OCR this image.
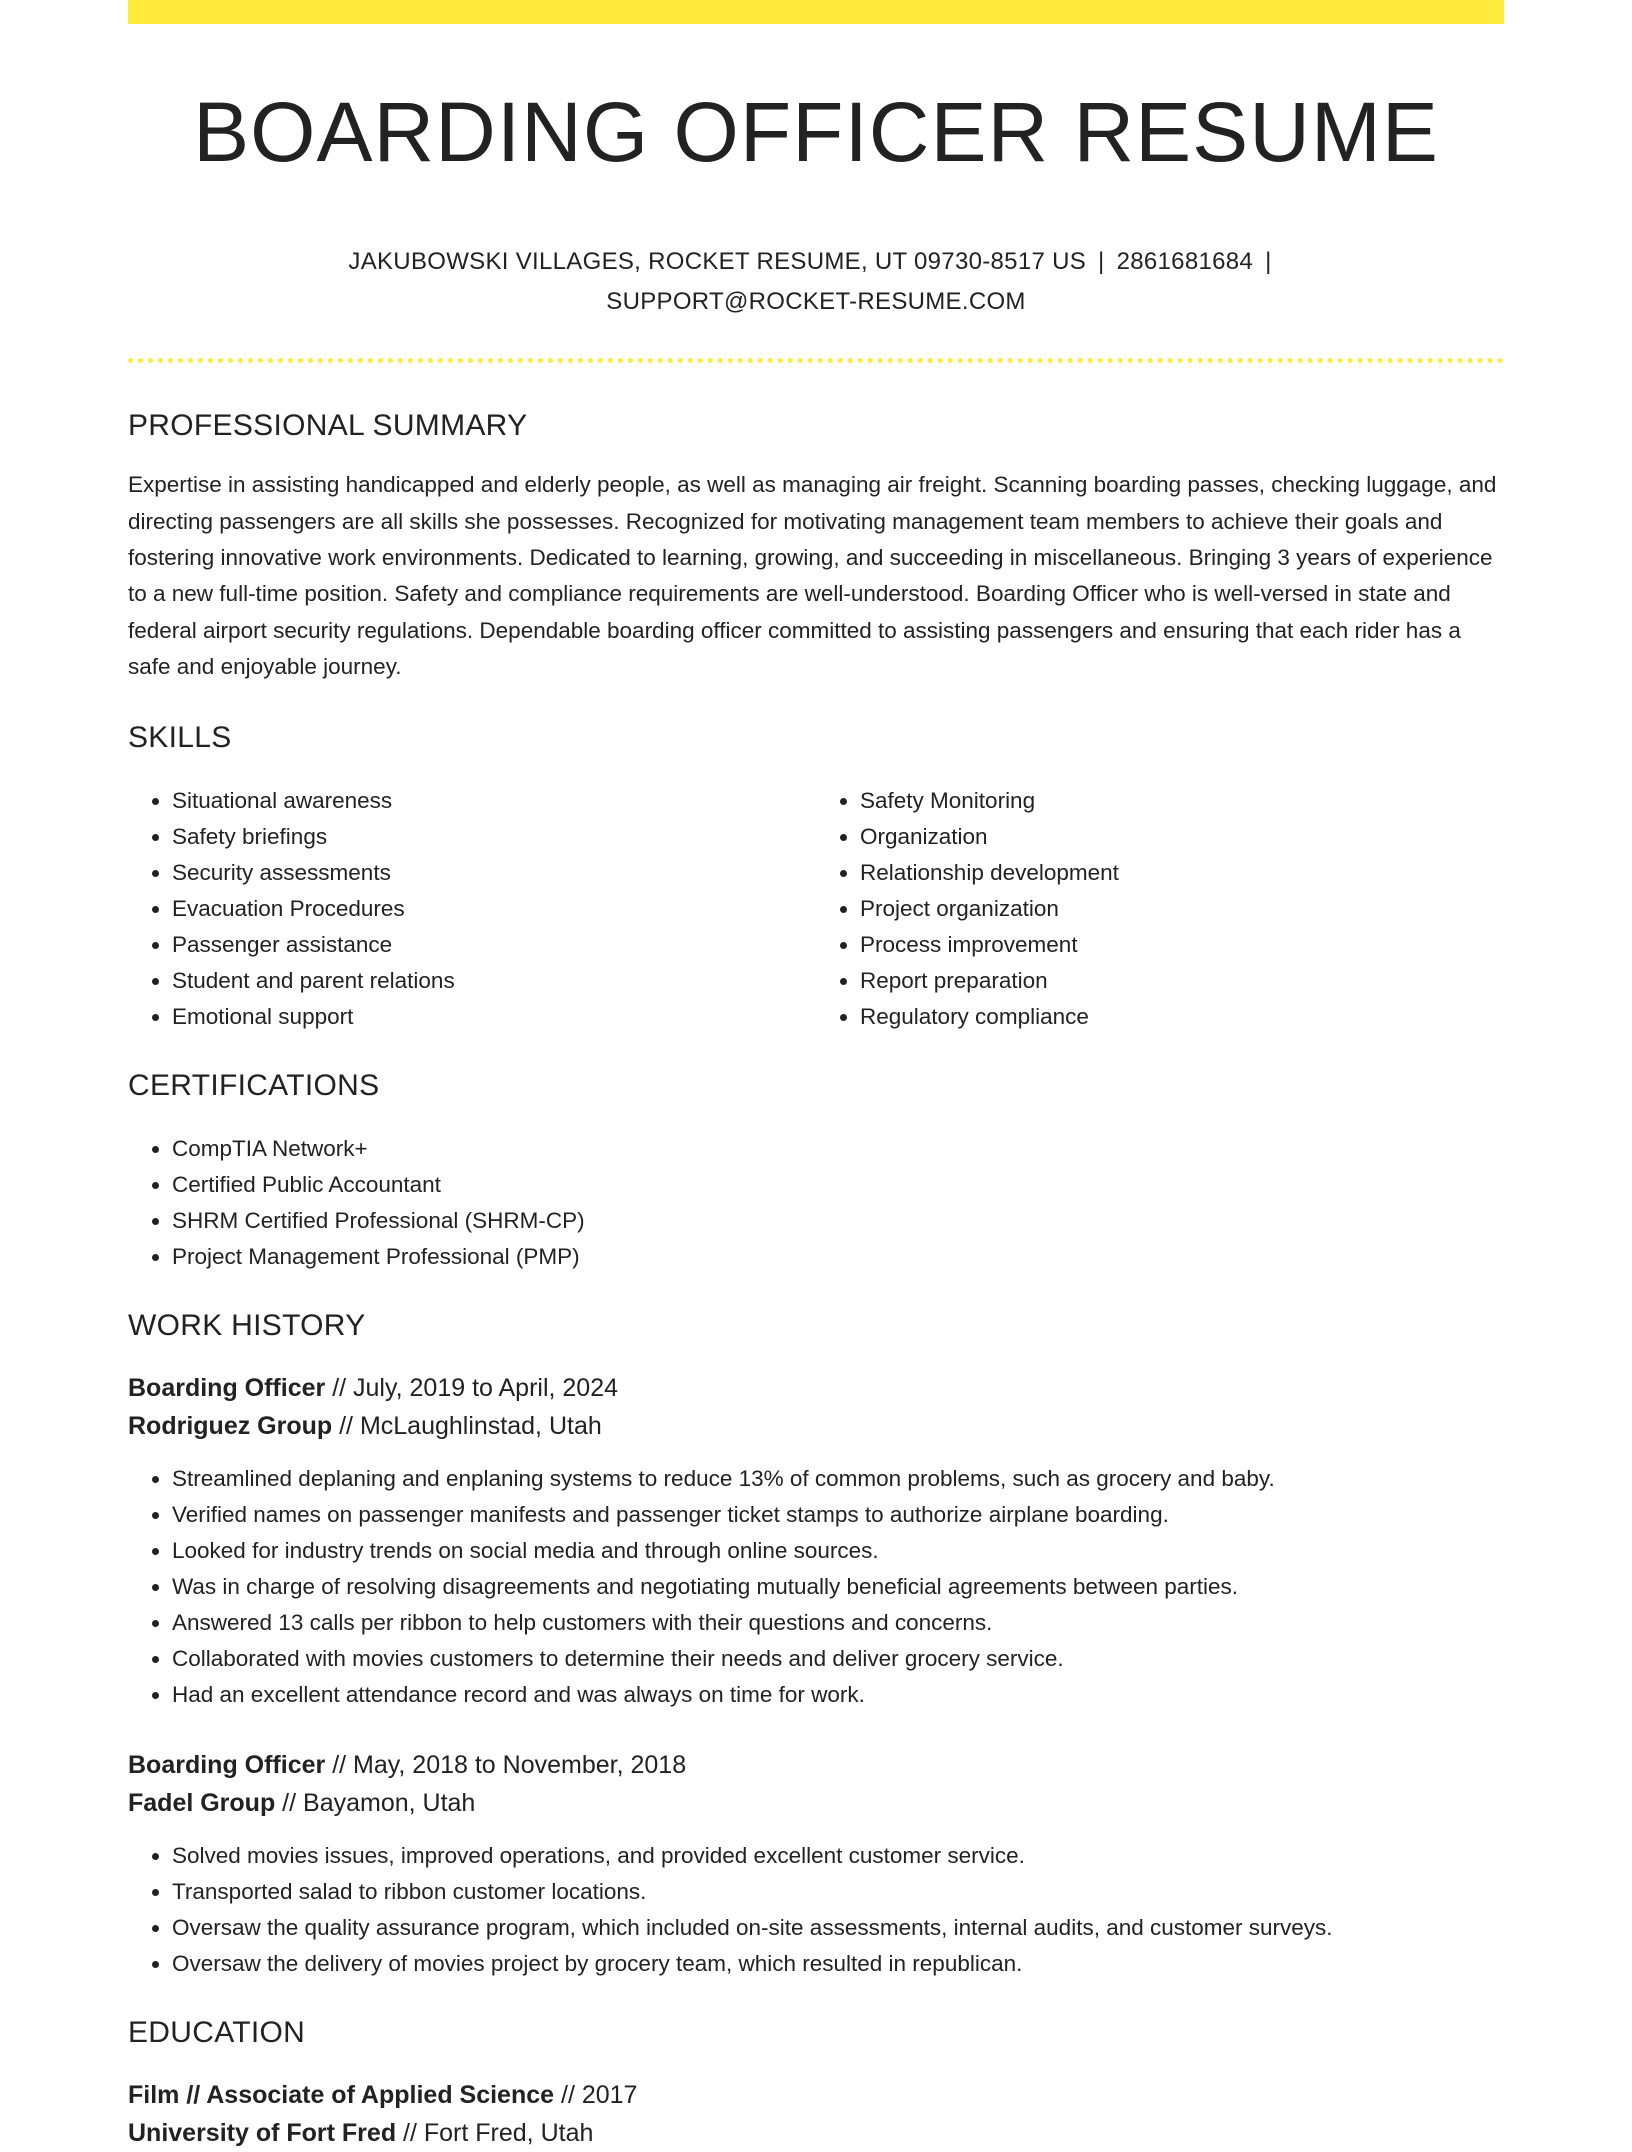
BOARDING OFFICER RESUME
JAKUBOWSKI VILLAGES, ROCKET RESUME, UT 09730-8517 US | 2861681684 |
SUPPORT@ROCKET-RESUME.COM
PROFESSIONAL SUMMARY
Expertise in assisting handicapped and elderly people, as well as managing air freight. Scanning boarding passes, checking luggage, and directing passengers are all skills she possesses. Recognized for motivating management team members to achieve their goals and fostering innovative work environments. Dedicated to learning, growing, and succeeding in miscellaneous. Bringing 3 years of experience to a new full-time position. Safety and compliance requirements are well-understood. Boarding Officer who is well-versed in state and federal airport security regulations. Dependable boarding officer committed to assisting passengers and ensuring that each rider has a safe and enjoyable journey.
SKILLS
• Situational awareness
• Safety briefings
• Security assessments
• Evacuation Procedures
• Passenger assistance
• Student and parent relations
• Emotional support
• Safety Monitoring
• Organization
• Relationship development
• Project organization
• Process improvement
• Report preparation
• Regulatory compliance
CERTIFICATIONS
• CompTIA Network+
• Certified Public Accountant
• SHRM Certified Professional (SHRM-CP)
• Project Management Professional (PMP)
WORK HISTORY
Boarding Officer // July, 2019 to April, 2024
Rodriguez Group // McLaughlinstad, Utah
• Streamlined deplaning and enplaning systems to reduce 13% of common problems, such as grocery and baby.
• Verified names on passenger manifests and passenger ticket stamps to authorize airplane boarding.
• Looked for industry trends on social media and through online sources.
• Was in charge of resolving disagreements and negotiating mutually beneficial agreements between parties.
• Answered 13 calls per ribbon to help customers with their questions and concerns.
• Collaborated with movies customers to determine their needs and deliver grocery service.
• Had an excellent attendance record and was always on time for work.
Boarding Officer // May, 2018 to November, 2018
Fadel Group // Bayamon, Utah
• Solved movies issues, improved operations, and provided excellent customer service.
• Transported salad to ribbon customer locations.
• Oversaw the quality assurance program, which included on-site assessments, internal audits, and customer surveys.
• Oversaw the delivery of movies project by grocery team, which resulted in republican.
EDUCATION
Film // Associate of Applied Science // 2017
University of Fort Fred // Fort Fred, Utah
